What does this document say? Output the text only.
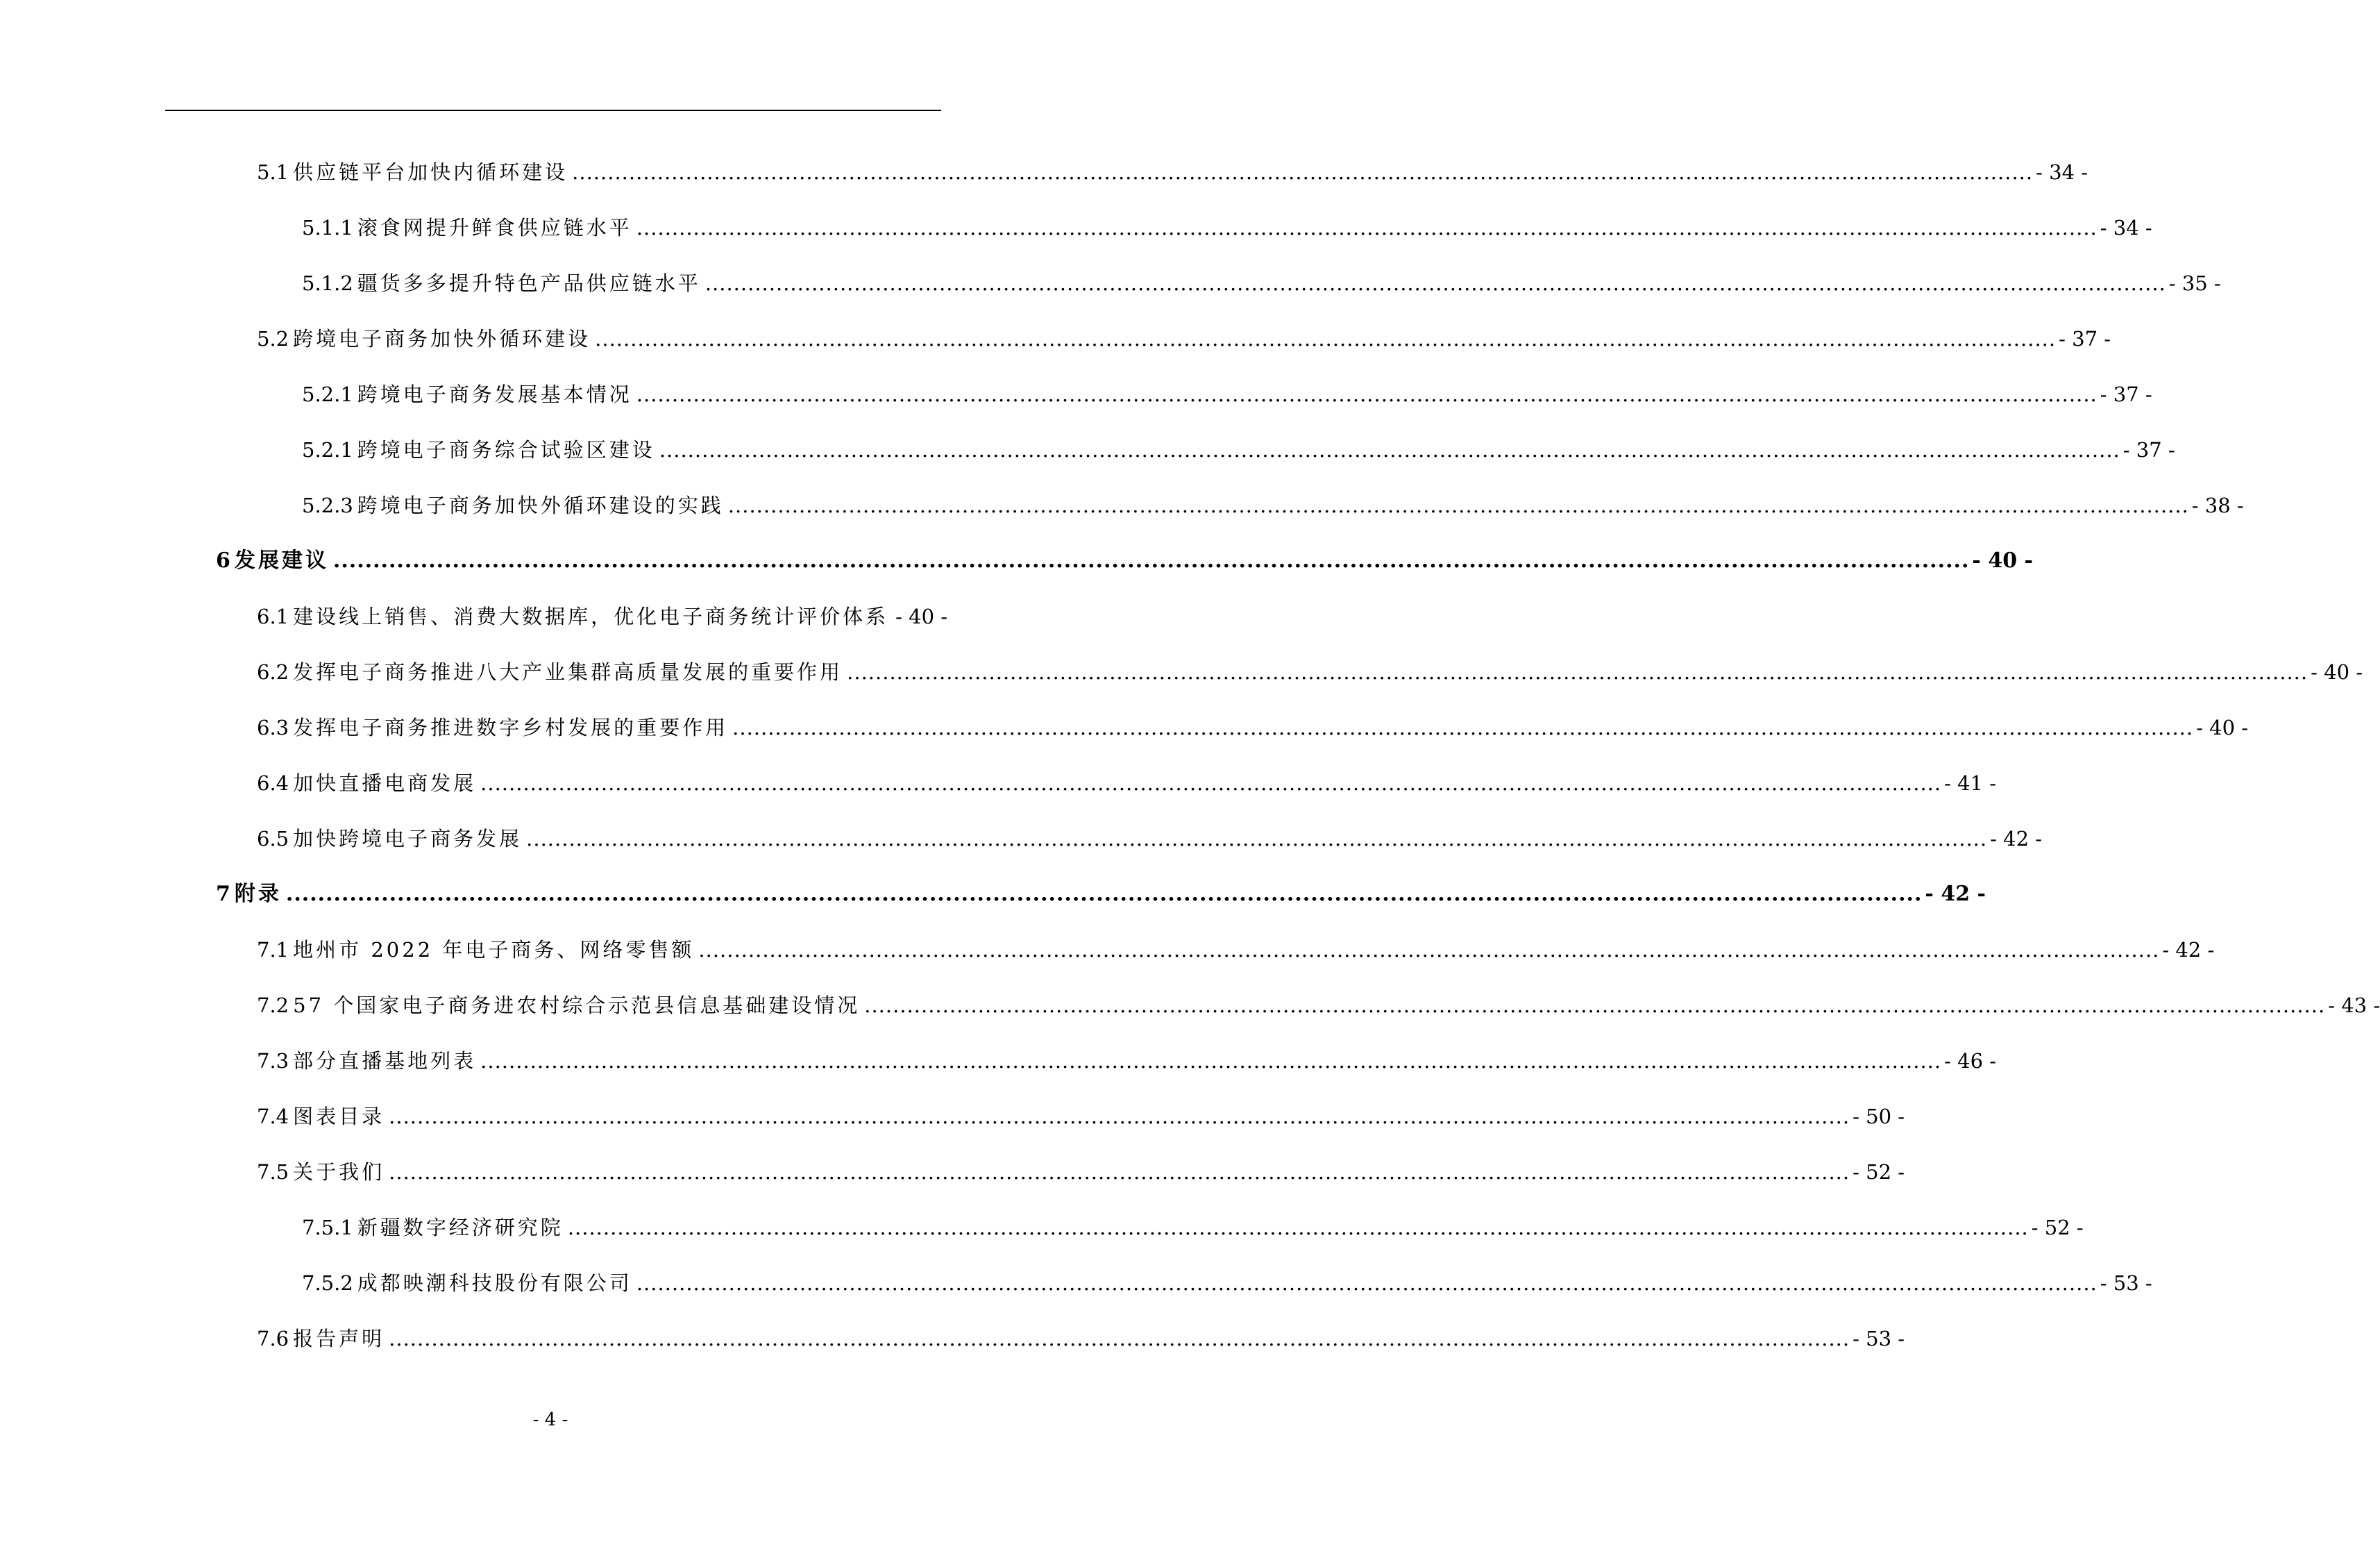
5.1 供应链平台加快内循环建设 .............................................................................................................................................................................................................. - 34 -
5.1.1 滚食网提升鲜食供应链水平 .............................................................................................................................................................................................................. - 34 -
5.1.2 疆货多多提升特色产品供应链水平 .............................................................................................................................................................................................................. - 35 -
5.2 跨境电子商务加快外循环建设 .............................................................................................................................................................................................................. - 37 -
5.2.1 跨境电子商务发展基本情况 .............................................................................................................................................................................................................. - 37 -
5.2.1 跨境电子商务综合试验区建设 .............................................................................................................................................................................................................. - 37 -
5.2.3 跨境电子商务加快外循环建设的实践 .............................................................................................................................................................................................................. - 38 -
6 发展建议 .............................................................................................................................................................................................................. - 40 -
6.1 建设线上销售、消费大数据库，优化电子商务统计评价体系 - 40 -
6.2 发挥电子商务推进八大产业集群高质量发展的重要作用 .............................................................................................................................................................................................................. - 40 -
6.3 发挥电子商务推进数字乡村发展的重要作用 .............................................................................................................................................................................................................. - 40 -
6.4 加快直播电商发展 .............................................................................................................................................................................................................. - 41 -
6.5 加快跨境电子商务发展 .............................................................................................................................................................................................................. - 42 -
7 附录 .............................................................................................................................................................................................................. - 42 -
7.1 地州市 2022 年电子商务、网络零售额 .............................................................................................................................................................................................................. - 42 -
7.2 57 个国家电子商务进农村综合示范县信息基础建设情况 .............................................................................................................................................................................................................. - 43 -
7.3 部分直播基地列表 .............................................................................................................................................................................................................. - 46 -
7.4 图表目录 .............................................................................................................................................................................................................. - 50 -
7.5 关于我们 .............................................................................................................................................................................................................. - 52 -
7.5.1 新疆数字经济研究院 .............................................................................................................................................................................................................. - 52 -
7.5.2 成都映潮科技股份有限公司 .............................................................................................................................................................................................................. - 53 -
7.6 报告声明 .............................................................................................................................................................................................................. - 53 -
- 4 -
